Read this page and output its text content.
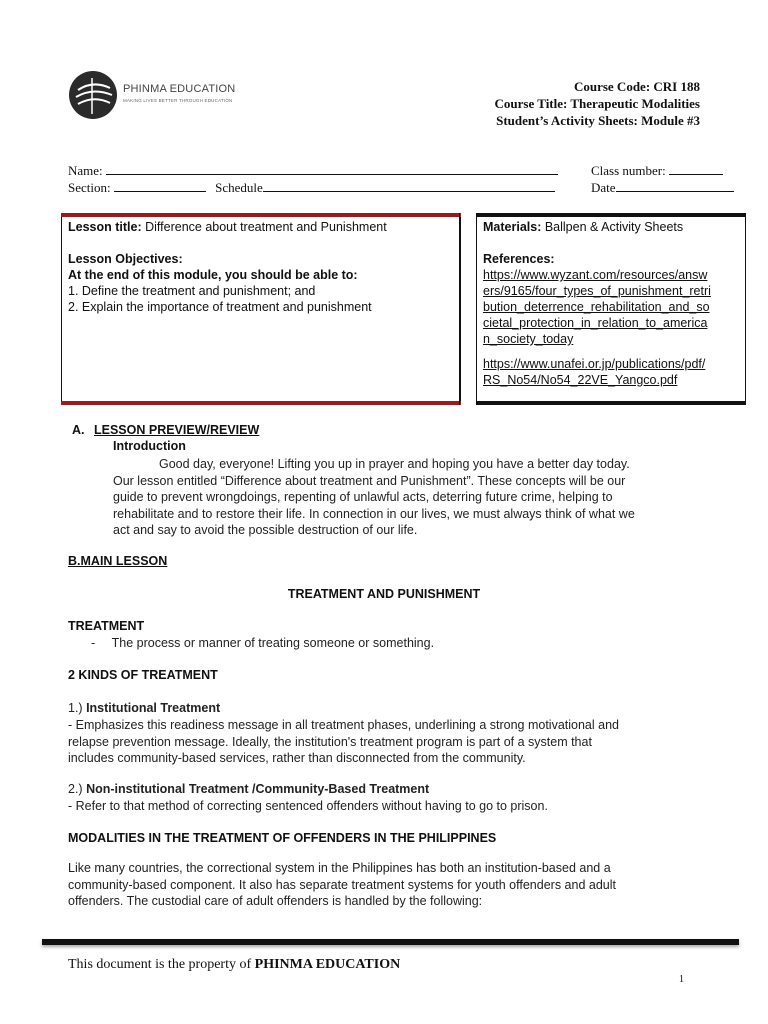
PHINMA EDUCATION
MAKING LIVES BETTER THROUGH EDUCATION
Course Code: CRI 188
Course Title: Therapeutic Modalities
Student’s Activity Sheets: Module #3
Name:	Class number:
Section:	Schedule	Date
Lesson title: Difference about treatment and Punishment
Lesson Objectives:
At the end of this module, you should be able to:
1. Define the treatment and punishment; and
2. Explain the importance of treatment and punishment
Materials: Ballpen & Activity Sheets
References:
https://www.wyzant.com/resources/answ
ers/9165/four_types_of_punishment_retri
bution_deterrence_rehabilitation_and_so
cietal_protection_in_relation_to_america
n_society_today
https://www.unafei.or.jp/publications/pdf/
RS_No54/No54_22VE_Yangco.pdf
A. LESSON PREVIEW/REVIEW
Introduction
Good day, everyone! Lifting you up in prayer and hoping you have a better day today.
Our lesson entitled “Difference about treatment and Punishment”. These concepts will be our
guide to prevent wrongdoings, repenting of unlawful acts, deterring future crime, helping to
rehabilitate and to restore their life. In connection in our lives, we must always think of what we
act and say to avoid the possible destruction of our life.
B.MAIN LESSON
TREATMENT AND PUNISHMENT
TREATMENT
- The process or manner of treating someone or something.
2 KINDS OF TREATMENT
1.) Institutional Treatment
- Emphasizes this readiness message in all treatment phases, underlining a strong motivational and
relapse prevention message. Ideally, the institution's treatment program is part of a system that
includes community-based services, rather than disconnected from the community.
2.) Non-institutional Treatment /Community-Based Treatment
- Refer to that method of correcting sentenced offenders without having to go to prison.
MODALITIES IN THE TREATMENT OF OFFENDERS IN THE PHILIPPINES
Like many countries, the correctional system in the Philippines has both an institution-based and a
community-based component. It also has separate treatment systems for youth offenders and adult
offenders. The custodial care of adult offenders is handled by the following:
This document is the property of PHINMA EDUCATION
1
